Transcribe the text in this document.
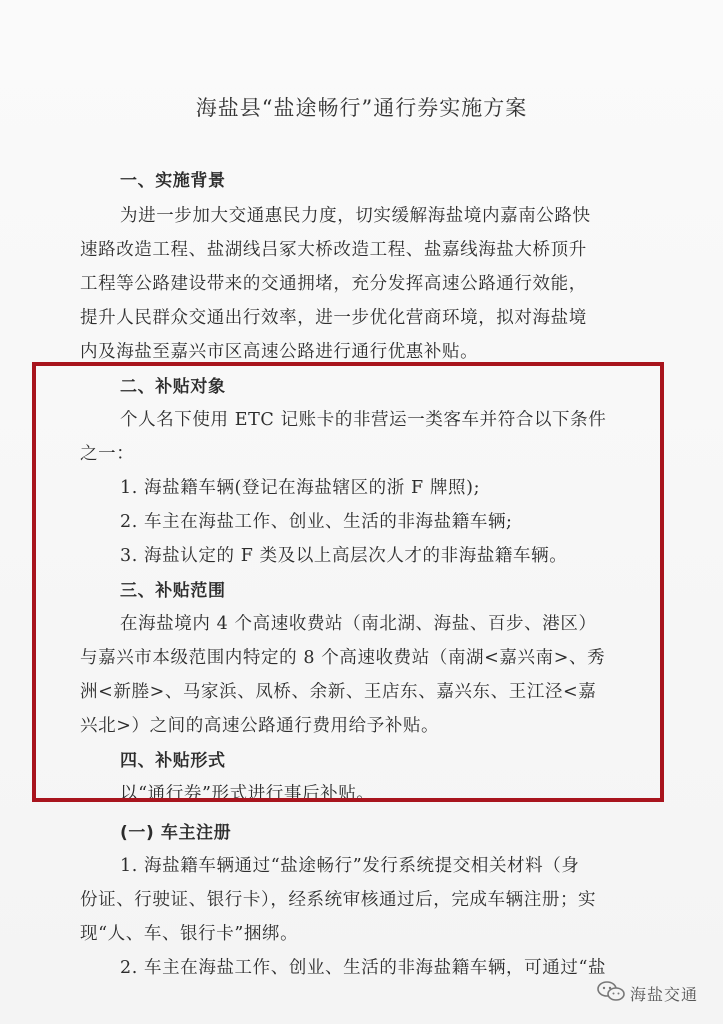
海盐县“盐途畅行”通行券实施方案
一、实施背景
为进一步加大交通惠民力度，切实缓解海盐境内嘉南公路快
速路改造工程、盐湖线吕冢大桥改造工程、盐嘉线海盐大桥顶升
工程等公路建设带来的交通拥堵，充分发挥高速公路通行效能，
提升人民群众交通出行效率，进一步优化营商环境，拟对海盐境
内及海盐至嘉兴市区高速公路进行通行优惠补贴。
二、补贴对象
个人名下使用 ETC 记账卡的非营运一类客车并符合以下条件
之一：
1. 海盐籍车辆(登记在海盐辖区的浙 F 牌照);
2. 车主在海盐工作、创业、生活的非海盐籍车辆;
3. 海盐认定的 F 类及以上高层次人才的非海盐籍车辆。
三、补贴范围
在海盐境内 4 个高速收费站（南北湖、海盐、百步、港区）
与嘉兴市本级范围内特定的 8 个高速收费站（南湖<嘉兴南>、秀
洲<新塍>、马家浜、凤桥、余新、王店东、嘉兴东、王江泾<嘉
兴北>）之间的高速公路通行费用给予补贴。
四、补贴形式
以“通行券”形式进行事后补贴。
(一) 车主注册
1. 海盐籍车辆通过“盐途畅行”发行系统提交相关材料（身
份证、行驶证、银行卡），经系统审核通过后，完成车辆注册；实
现“人、车、银行卡”捆绑。
2. 车主在海盐工作、创业、生活的非海盐籍车辆，可通过“盐
海盐交通
